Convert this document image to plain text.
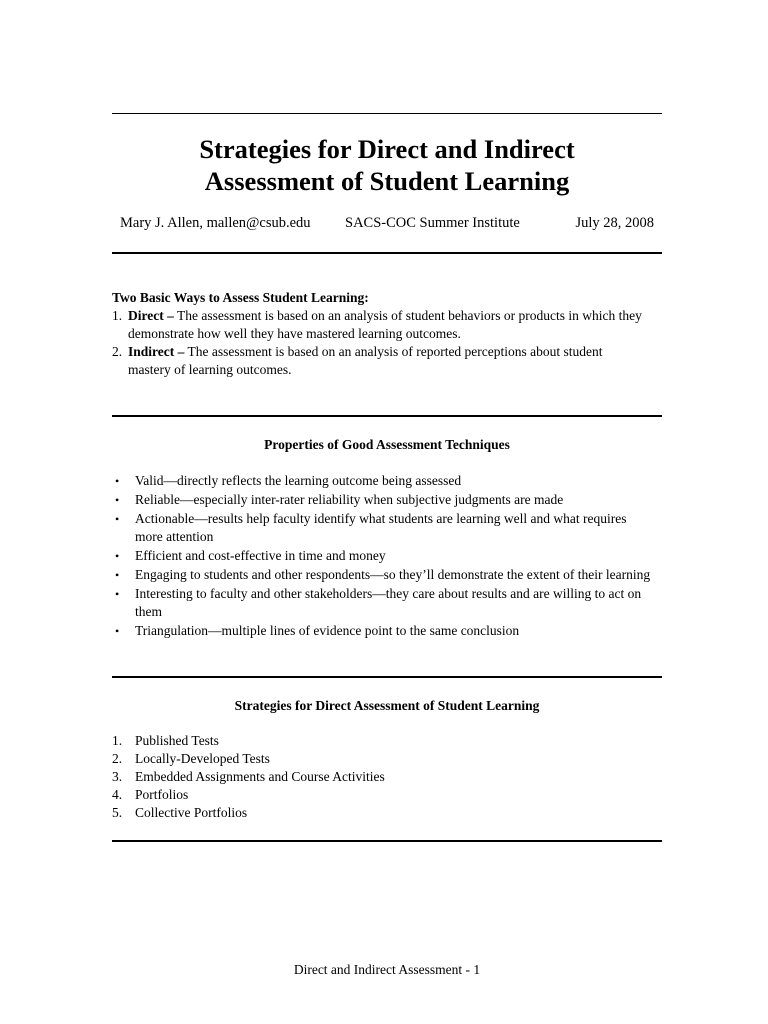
Strategies for Direct and Indirect
Assessment of Student Learning
Mary J. Allen, mallen@csub.edu SACS-COC Summer Institute	July 28, 2008
Two Basic Ways to Assess Student Learning:
1. Direct – The assessment is based on an analysis of student behaviors or products in which they demonstrate how well they have mastered learning outcomes.
2. Indirect – The assessment is based on an analysis of reported perceptions about student mastery of learning outcomes.
Properties of Good Assessment Techniques
• Valid—directly reflects the learning outcome being assessed
• Reliable—especially inter-rater reliability when subjective judgments are made
• Actionable—results help faculty identify what students are learning well and what requires more attention
• Efficient and cost-effective in time and money
• Engaging to students and other respondents—so they’ll demonstrate the extent of their learning
• Interesting to faculty and other stakeholders—they care about results and are willing to act on them
• Triangulation—multiple lines of evidence point to the same conclusion
Strategies for Direct Assessment of Student Learning
1. Published Tests
2. Locally-Developed Tests
3. Embedded Assignments and Course Activities
4. Portfolios
5. Collective Portfolios
Direct and Indirect Assessment - 1
